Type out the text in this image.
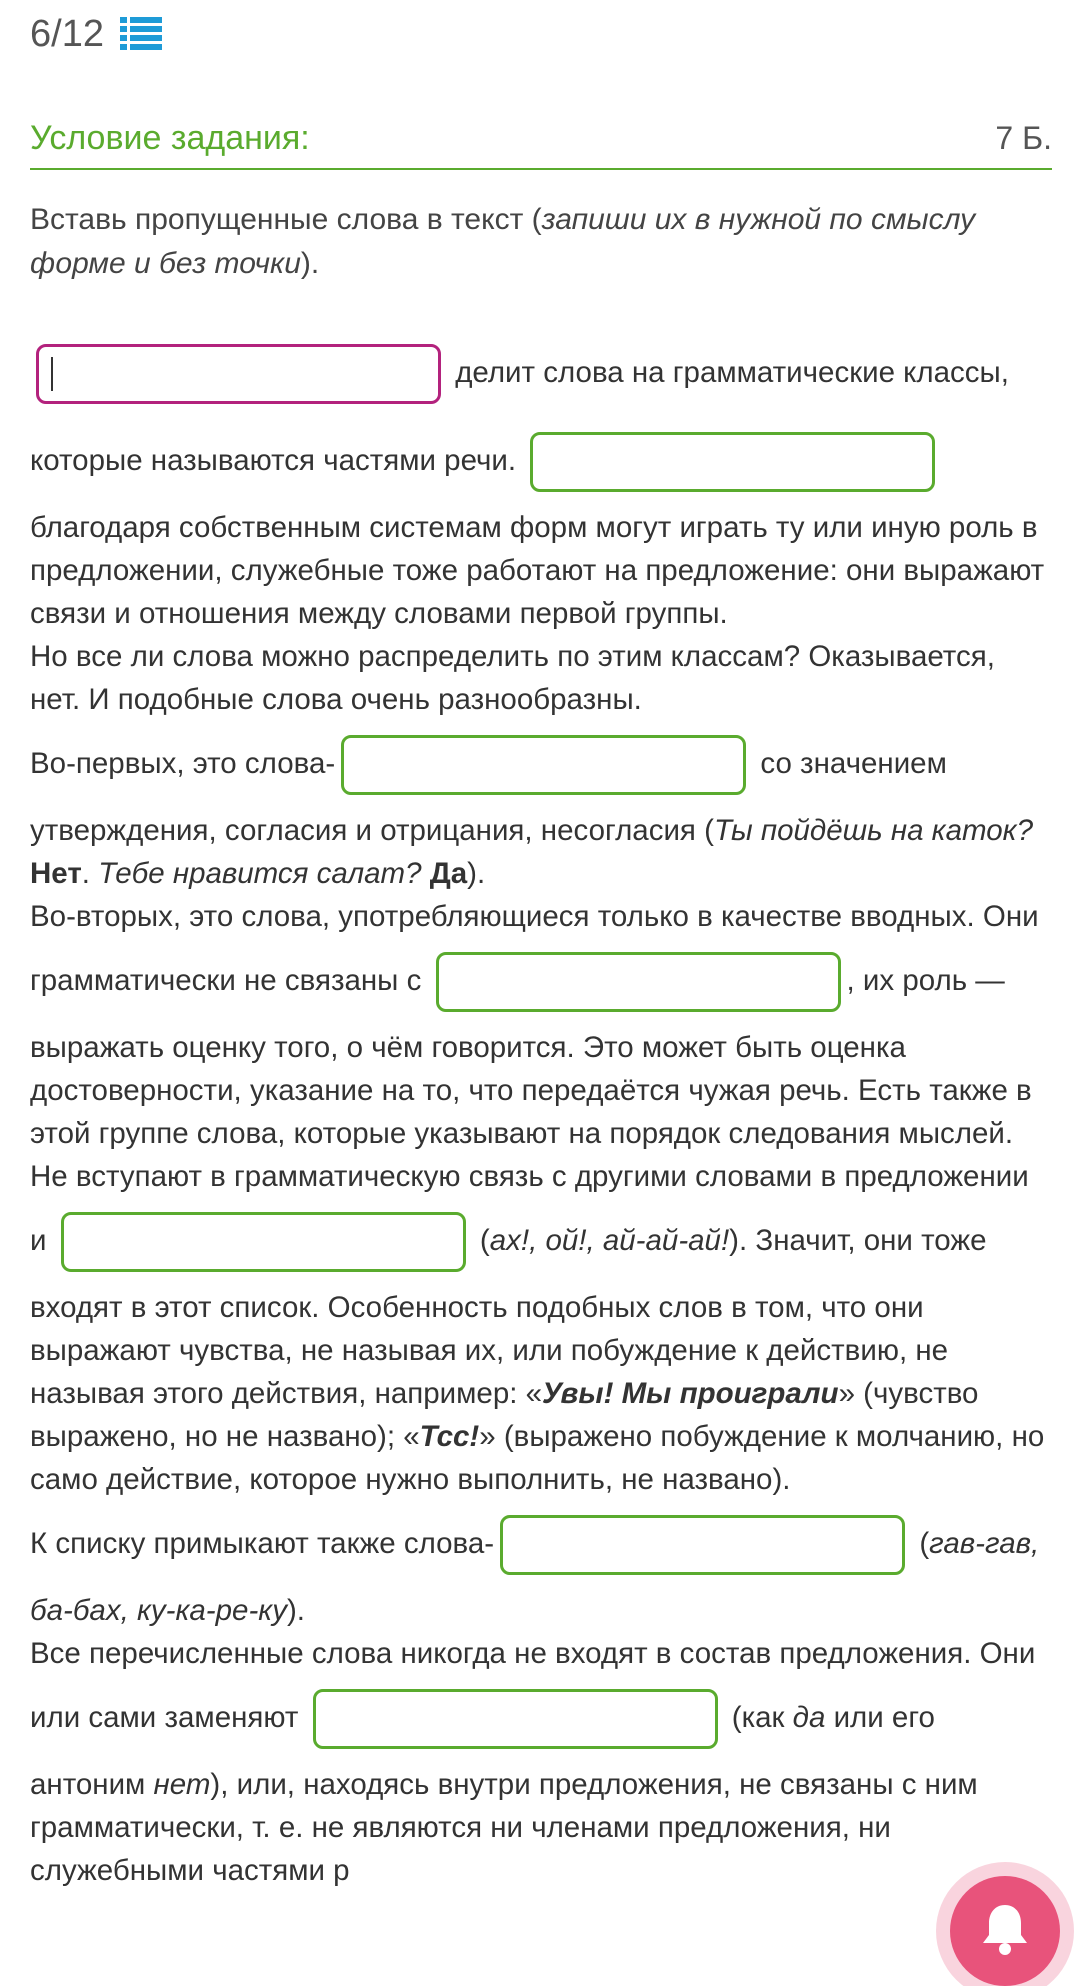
6/12
Условие задания:	7 Б.
Вставь пропущенные слова в текст (запиши их в нужной по смыслу форме и без точки).
делит слова на грамматические классы, которые называются частями речи.  благодаря собственным системам форм могут играть ту или иную роль в предложении, служебные тоже работают на предложение: они выражают связи и отношения между словами первой группы.
Но все ли слова можно распределить по этим классам? Оказывается, нет. И подобные слова очень разнообразны.
Во-первых, это слова-	со значением утверждения, согласия и отрицания, несогласия (Ты пойдёшь на каток? Нет. Тебе нравится салат? Да).
Во-вторых, это слова, употребляющиеся только в качестве вводных. Они грамматически не связаны с	, их роль — выражать оценку того, о чём говорится. Это может быть оценка достоверности, указание на то, что передаётся чужая речь. Есть также в этой группе слова, которые указывают на порядок следования мыслей.
Не вступают в грамматическую связь с другими словами в предложении и	(ах!, ой!, ай-ай-ай!). Значит, они тоже входят в этот список. Особенность подобных слов в том, что они выражают чувства, не называя их, или побуждение к действию, не называя этого действия, например: «Увы! Мы проиграли» (чувство выражено, но не названо); «Тсс!» (выражено побуждение к молчанию, но само действие, которое нужно выполнить, не названо).
К списку примыкают также слова-	(гав-гав, ба-бах, ку-ка-ре-ку).
Все перечисленные слова никогда не входят в состав предложения. Они или сами заменяют	(как да или его антоним нет), или, находясь внутри предложения, не связаны с ним грамматически, т. е. не являются ни членами предложения, ни служебными частями р
